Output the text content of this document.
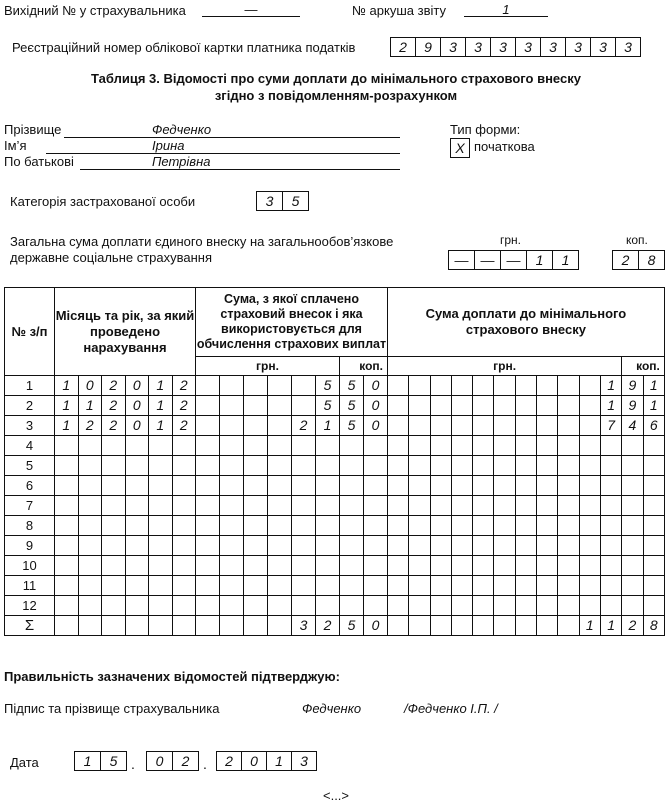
Вихідний № у страхувальника	—	№ аркуша звіту	1
Реєстраційний номер облікової картки платника податків	2	9	3	3	3	3	3	3	3	3
Таблиця 3. Відомості про суми доплати до мінімального страхового внеску
згідно з повідомленням-розрахунком
Прізвище	Федченко
Ім’я	Ірина
По батькові	Петрівна
Тип форми:
X початкова
Категорія застрахованої особи	3	5
Загальна сума доплати єдиного внеску на загальнообов’язкове
державне соціальне страхування
грн.	коп.
— — —	1	1	2	8
№ з/п	Місяць та рік, за який проведено нарахування						Сума, з якої сплачено страховий внесок і яка використовується для обчислення страхових виплат								Сума доплати до мінімального страхового внеску												
							грн.						коп.		грн.											коп.	
1	1	0	2	0	1	2						5	5	0											1	9	1
2	1	1	2	0	1	2						5	5	0											1	9	1
3	1	2	2	0	1	2					2	1	5	0											7	4	6
4																											
5																											
6																											
7																											
8																											
9																											
10																											
11																											
12																											
Σ											3	2	5	0										1	1	2	8
Правильність зазначених відомостей підтверджую:
Підпис та прізвище страхувальника	Федченко	/Федченко І.П. /
Дата	1	5 .	0	2 .	2	0	1	3
<...>
